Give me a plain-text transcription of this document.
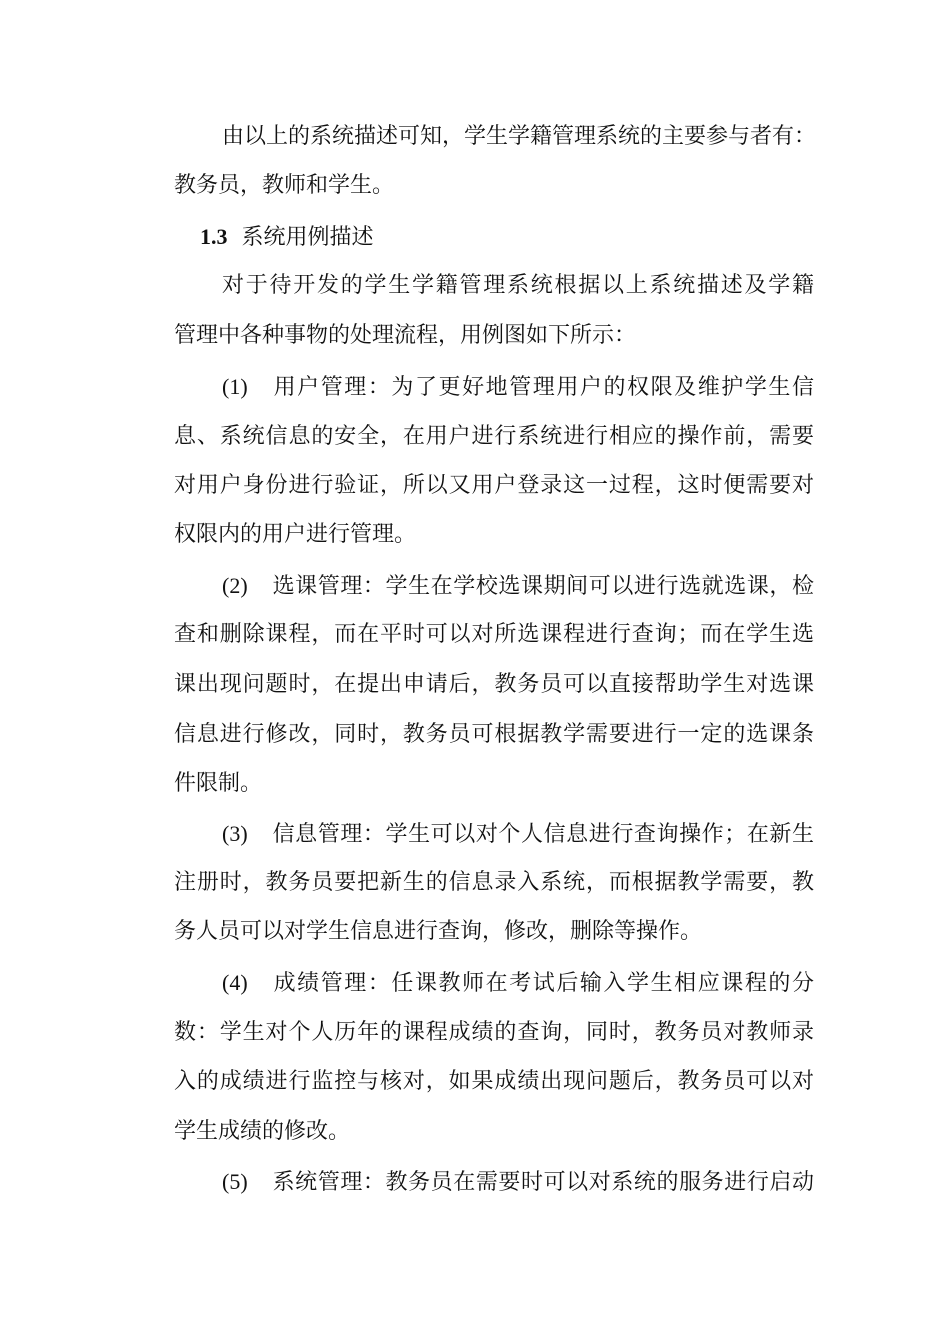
由以上的系统描述可知，学生学籍管理系统的主要参与者有：
教务员，教师和学生。
1.3 系统用例描述
对于待开发的学生学籍管理系统根据以上系统描述及学籍
管理中各种事物的处理流程，用例图如下所示：
(1) 用户管理：为了更好地管理用户的权限及维护学生信
息、系统信息的安全，在用户进行系统进行相应的操作前，需要
对用户身份进行验证，所以又用户登录这一过程，这时便需要对
权限内的用户进行管理。
(2) 选课管理：学生在学校选课期间可以进行选就选课，检
查和删除课程，而在平时可以对所选课程进行查询；而在学生选
课出现问题时，在提出申请后，教务员可以直接帮助学生对选课
信息进行修改，同时，教务员可根据教学需要进行一定的选课条
件限制。
(3) 信息管理：学生可以对个人信息进行查询操作；在新生
注册时，教务员要把新生的信息录入系统，而根据教学需要，教
务人员可以对学生信息进行查询，修改，删除等操作。
(4) 成绩管理：任课教师在考试后输入学生相应课程的分
数：学生对个人历年的课程成绩的查询，同时，教务员对教师录
入的成绩进行监控与核对，如果成绩出现问题后，教务员可以对
学生成绩的修改。
(5) 系统管理：教务员在需要时可以对系统的服务进行启动
